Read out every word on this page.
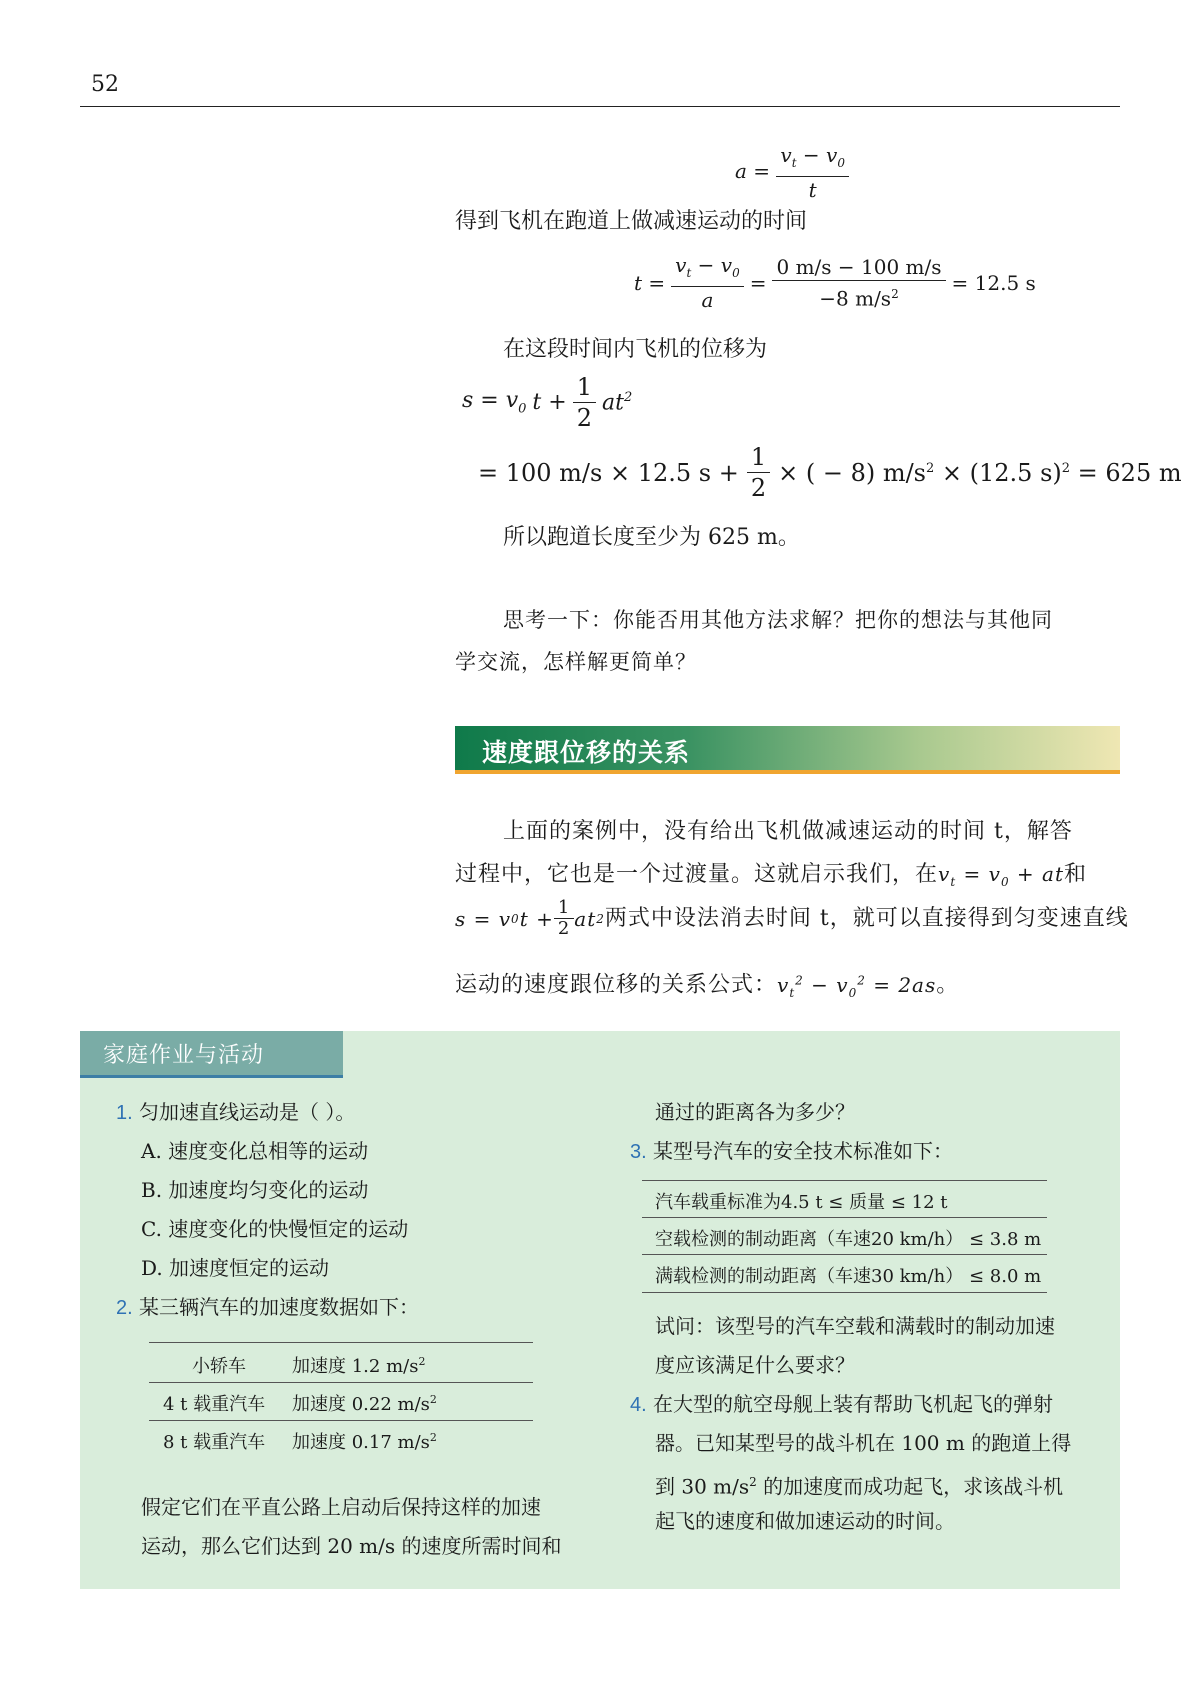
52
$a = \frac{v_t - v_0}{t}$
得到飞机在跑道上做减速运动的时间
$t = \frac{v_t - v_0}{a} = \frac{0 m/s - 100 m/s}{-8 m/s^2} = 12.5$ s
在这段时间内飞机的位移为
$s = v_0$ $t + \frac{1}{2} at^2$
= 100 m/s × 12.5 $s + \frac{1}{2}$ × ( − 8) $m/s^2 \times (12.5$ s)$^2$ = 625 m
所以跑道长度至少为 625 m。
思考一下：你能否用其他方法求解？把你的想法与其他同
学交流，怎样解更简单？
速度跟位移的关系
上面的案例中，没有给出飞机做减速运动的时间 t，解答
过程中，它也是一个过渡量。这就启示我们，在$v_t = v_0$ + at和
s = v 0 $t + \frac{1}{2}$ at 2 两式中设法消去时间 t，就可以直接得到匀变速直线
运动的速度跟位移的关系公式：$v_t^2 - v_0^2 = 2as$。
家庭作业与活动
1. 匀加速直线运动是（ ）。
A. 速度变化总相等的运动
B. 加速度均匀变化的运动
C. 速度变化的快慢恒定的运动
D. 加速度恒定的运动
2. 某三辆汽车的加速度数据如下：
小轿车	加速度 1.2 $m/s^2$
4 t 载重汽车 加速度 0.22 $m/s^2$
8 t 载重汽车 加速度 0.17 $m/s^2$
假定它们在平直公路上启动后保持这样的加速
运动，那么它们达到 20 m/s 的速度所需时间和
通过的距离各为多少？
3. 某型号汽车的安全技术标准如下：
汽车载重标准为4.5 t ≤ 质量 ≤ 12 t
空载检测的制动距离（车速20 km/h） ≤ 3.8 m
满载检测的制动距离（车速30 km/h） ≤ 8.0 m
试问：该型号的汽车空载和满载时的制动加速
度应该满足什么要求？
4. 在大型的航空母舰上装有帮助飞机起飞的弹射
器。已知某型号的战斗机在 100 m 的跑道上得
到 30 $m/s^2$ 的加速度而成功起飞，求该战斗机
起飞的速度和做加速运动的时间。
